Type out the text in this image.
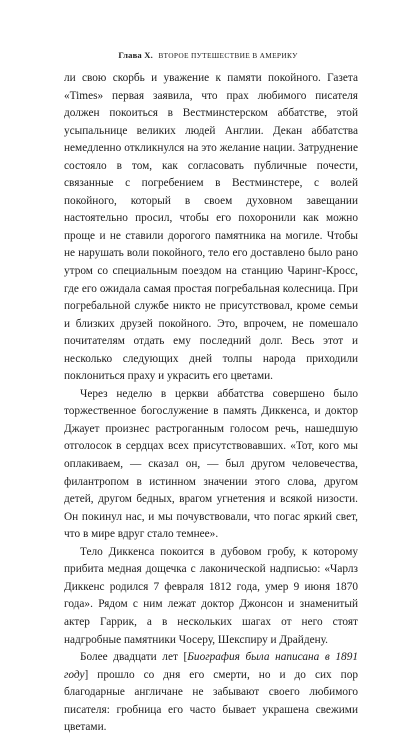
Глава X. ВТОРОЕ ПУТЕШЕСТВИЕ В АМЕРИКУ

ли свою скорбь и уважение к памяти покойного. Газета «Times» первая заявила, что прах любимого писателя должен покоиться в Вестминстерском аббатстве, этой усыпальнице великих людей Англии. Декан аббатства немедленно откликнулся на это желание нации. Затруднение состояло в том, как согласовать публичные почести, связанные с погребением в Вестминстере, с волей покойного, который в своем духовном завещании настоятельно просил, чтобы его похоронили как можно проще и не ставили дорогого памятника на могиле. Чтобы не нарушать воли покойного, тело его доставлено было рано утром со специальным поездом на станцию Чаринг-Кросс, где его ожидала самая простая погребальная колесница. При погребальной службе никто не присутствовал, кроме семьи и близких друзей покойного. Это, впрочем, не помешало почитателям отдать ему последний долг. Весь этот и несколько следующих дней толпы народа приходили поклониться праху и украсить его цветами.

Через неделю в церкви аббатства совершено было торжественное богослужение в память Диккенса, и доктор Джаует произнес растроганным голосом речь, нашедшую отголосок в сердцах всех присутствовавших. «Тот, кого мы оплакиваем, — сказал он, — был другом человечества, филантропом в истинном значении этого слова, другом детей, другом бедных, врагом угнетения и всякой низости. Он покинул нас, и мы почувствовали, что погас яркий свет, что в мире вдруг стало темнее».

Тело Диккенса покоится в дубовом гробу, к которому прибита медная дощечка с лаконической надписью: «Чарлз Диккенс родился 7 февраля 1812 года, умер 9 июня 1870 года». Рядом с ним лежат доктор Джонсон и знаменитый актер Гаррик, а в нескольких шагах от него стоят надгробные памятники Чосеру, Шекспиру и Драйдену.

Более двадцати лет [Биография была написана в 1891 году] прошло со дня его смерти, но и до сих пор благодарные англичане не забывают своего любимого писателя: гробница его часто бывает украшена свежими цветами.
